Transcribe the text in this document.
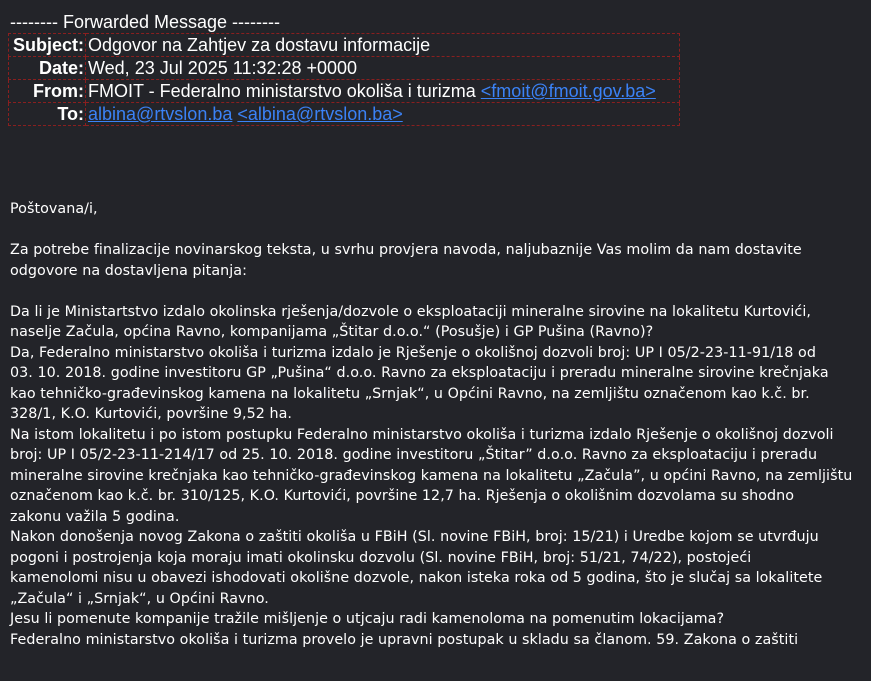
-------- Forwarded Message --------
Subject:	Odgovor na Zahtjev za dostavu informacije
Date:	Wed, 23 Jul 2025 11:32:28 +0000
From:	FMOIT - Federalno ministarstvo okoliša i turizma <fmoit@fmoit.gov.ba>
To:	albina@rtvslon.ba <albina@rtvslon.ba>

Poštovana/i,

Za potrebe finalizacije novinarskog teksta, u svrhu provjera navoda, naljubaznije Vas molim da nam dostavite

odgovore na dostavljena pitanja:

Da li je Ministartstvo izdalo okolinska rješenja/dozvole o eksploataciji mineralne sirovine na lokalitetu Kurtovići,

naselje Začula, općina Ravno, kompanijama „Štitar d.o.o.“ (Posušje) i GP Pušina (Ravno)?

Da, Federalno ministarstvo okoliša i turizma izdalo je Rješenje o okolišnoj dozvoli broj: UP I 05/2-23-11-91/18 od

03. 10. 2018. godine investitoru GP „Pušina“ d.o.o. Ravno za eksploataciju i preradu mineralne sirovine krečnjaka

kao tehničko-građevinskog kamena na lokalitetu „Srnjak“, u Općini Ravno, na zemljištu označenom kao k.č. br.

328/1, K.O. Kurtovići, površine 9,52 ha.

Na istom lokalitetu i po istom postupku Federalno ministarstvo okoliša i turizma izdalo Rješenje o okolišnoj dozvoli

broj: UP I 05/2-23-11-214/17 od 25. 10. 2018. godine investitoru „Štitar” d.o.o. Ravno za eksploataciju i preradu

mineralne sirovine krečnjaka kao tehničko-građevinskog kamena na lokalitetu „Začula”, u općini Ravno, na zemljištu

označenom kao k.č. br. 310/125, K.O. Kurtovići, površine 12,7 ha. Rješenja o okolišnim dozvolama su shodno

zakonu važila 5 godina.

Nakon donošenja novog Zakona o zaštiti okoliša u FBiH (Sl. novine FBiH, broj: 15/21) i Uredbe kojom se utvrđuju

pogoni i postrojenja koja moraju imati okolinsku dozvolu (Sl. novine FBiH, broj: 51/21, 74/22), postojeći

kamenolomi nisu u obavezi ishodovati okolišne dozvole, nakon isteka roka od 5 godina, što je slučaj sa lokalitete

„Začula“ i „Srnjak“, u Općini Ravno.

Jesu li pomenute kompanije tražile mišljenje o utjcaju radi kamenoloma na pomenutim lokacijama?

Federalno ministarstvo okoliša i turizma provelo je upravni postupak u skladu sa članom. 59. Zakona o zaštiti
